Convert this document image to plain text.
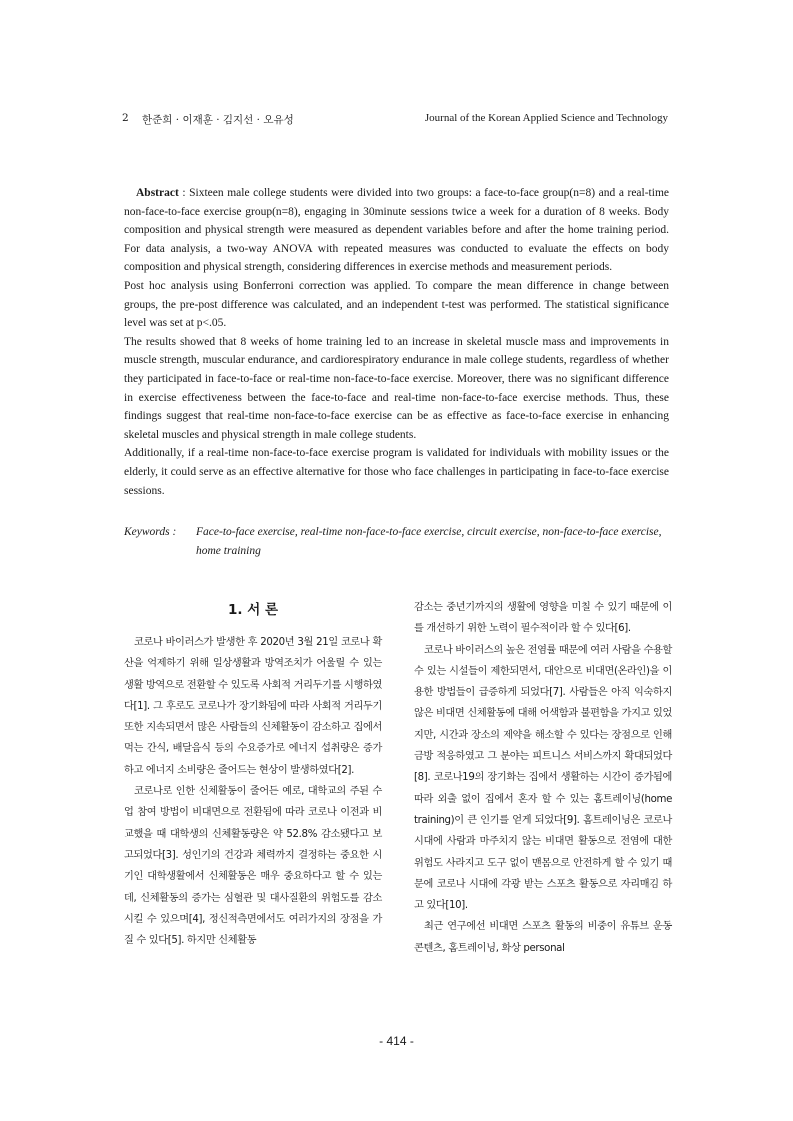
2 한준희 · 이재훈 · 김지선 · 오유성	Journal of the Korean Applied Science and Technology

Abstract : Sixteen male college students were divided into two groups: a face-to-face group(n=8) and a real-time non-face-to-face exercise group(n=8), engaging in 30minute sessions twice a week for a duration of 8 weeks. Body composition and physical strength were measured as dependent variables before and after the home training period. For data analysis, a two-way ANOVA with repeated measures was conducted to evaluate the effects on body composition and physical strength, considering differences in exercise methods and measurement periods.

Post hoc analysis using Bonferroni correction was applied. To compare the mean difference in change between groups, the pre-post difference was calculated, and an independent t-test was performed. The statistical significance level was set at p<.05.

The results showed that 8 weeks of home training led to an increase in skeletal muscle mass and improvements in muscle strength, muscular endurance, and cardiorespiratory endurance in male college students, regardless of whether they participated in face-to-face or real-time non-face-to-face exercise. Moreover, there was no significant difference in exercise effectiveness between the face-to-face and real-time non-face-to-face exercise methods. Thus, these findings suggest that real-time non-face-to-face exercise can be as effective as face-to-face exercise in enhancing skeletal muscles and physical strength in male college students.

Additionally, if a real-time non-face-to-face exercise program is validated for individuals with mobility issues or the elderly, it could serve as an effective alternative for those who face challenges in participating in face-to-face exercise sessions.

Keywords : Face-to-face exercise, real-time non-face-to-face exercise, circuit exercise, non-face-to-face exercise, home training
1. 서 론

코로나 바이러스가 발생한 후 2020년 3월 21일 코로나 확산을 억제하기 위해 일상생활과 방역조치가 어울릴 수 있는 생활 방역으로 전환할 수 있도록 사회적 거리두기를 시행하였다[1]. 그 후로도 코로나가 장기화됨에 따라 사회적 거리두기 또한 지속되면서 많은 사람들의 신체활동이 감소하고 집에서 먹는 간식, 배달음식 등의 수요증가로 에너지 섭취량은 증가하고 에너지 소비량은 줄어드는 현상이 발생하였다[2].

코로나로 인한 신체활동이 줄어든 예로, 대학교의 주된 수업 참여 방법이 비대면으로 전환됨에 따라 코로나 이전과 비교했을 때 대학생의 신체활동량은 약 52.8% 감소됐다고 보고되었다[3]. 성인기의 건강과 체력까지 결정하는 중요한 시기인 대학생활에서 신체활동은 매우 중요하다고 할 수 있는데, 신체활동의 증가는 심혈관 및 대사질환의 위험도를 감소시킬 수 있으며[4], 정신적측면에서도 여러가지의 장점을 가질 수 있다[5]. 하지만 신체활동

감소는 중년기까지의 생활에 영향을 미칠 수 있기 때문에 이를 개선하기 위한 노력이 필수적이라 할 수 있다[6].

코로나 바이러스의 높은 전염률 때문에 여러 사람을 수용할 수 있는 시설들이 제한되면서, 대안으로 비대면(온라인)을 이용한 방법들이 급증하게 되었다[7]. 사람들은 아직 익숙하지 않은 비대면 신체활동에 대해 어색함과 불편함을 가지고 있었지만, 시간과 장소의 제약을 해소할 수 있다는 장점으로 인해 금방 적응하였고 그 분야는 피트니스 서비스까지 확대되었다[8]. 코로나19의 장기화는 집에서 생활하는 시간이 증가됨에 따라 외출 없이 집에서 혼자 할 수 있는 홈트레이닝(home training)이 큰 인기를 얻게 되었다[9]. 홈트레이닝은 코로나 시대에 사람과 마주치지 않는 비대면 활동으로 전염에 대한 위험도 사라지고 도구 없이 맨몸으로 안전하게 할 수 있기 때문에 코로나 시대에 각광 받는 스포츠 활동으로 자리매김 하고 있다[10].

최근 연구에선 비대면 스포츠 활동의 비중이 유튜브 운동 콘텐츠, 홈트레이닝, 화상 personal

- 414 -
